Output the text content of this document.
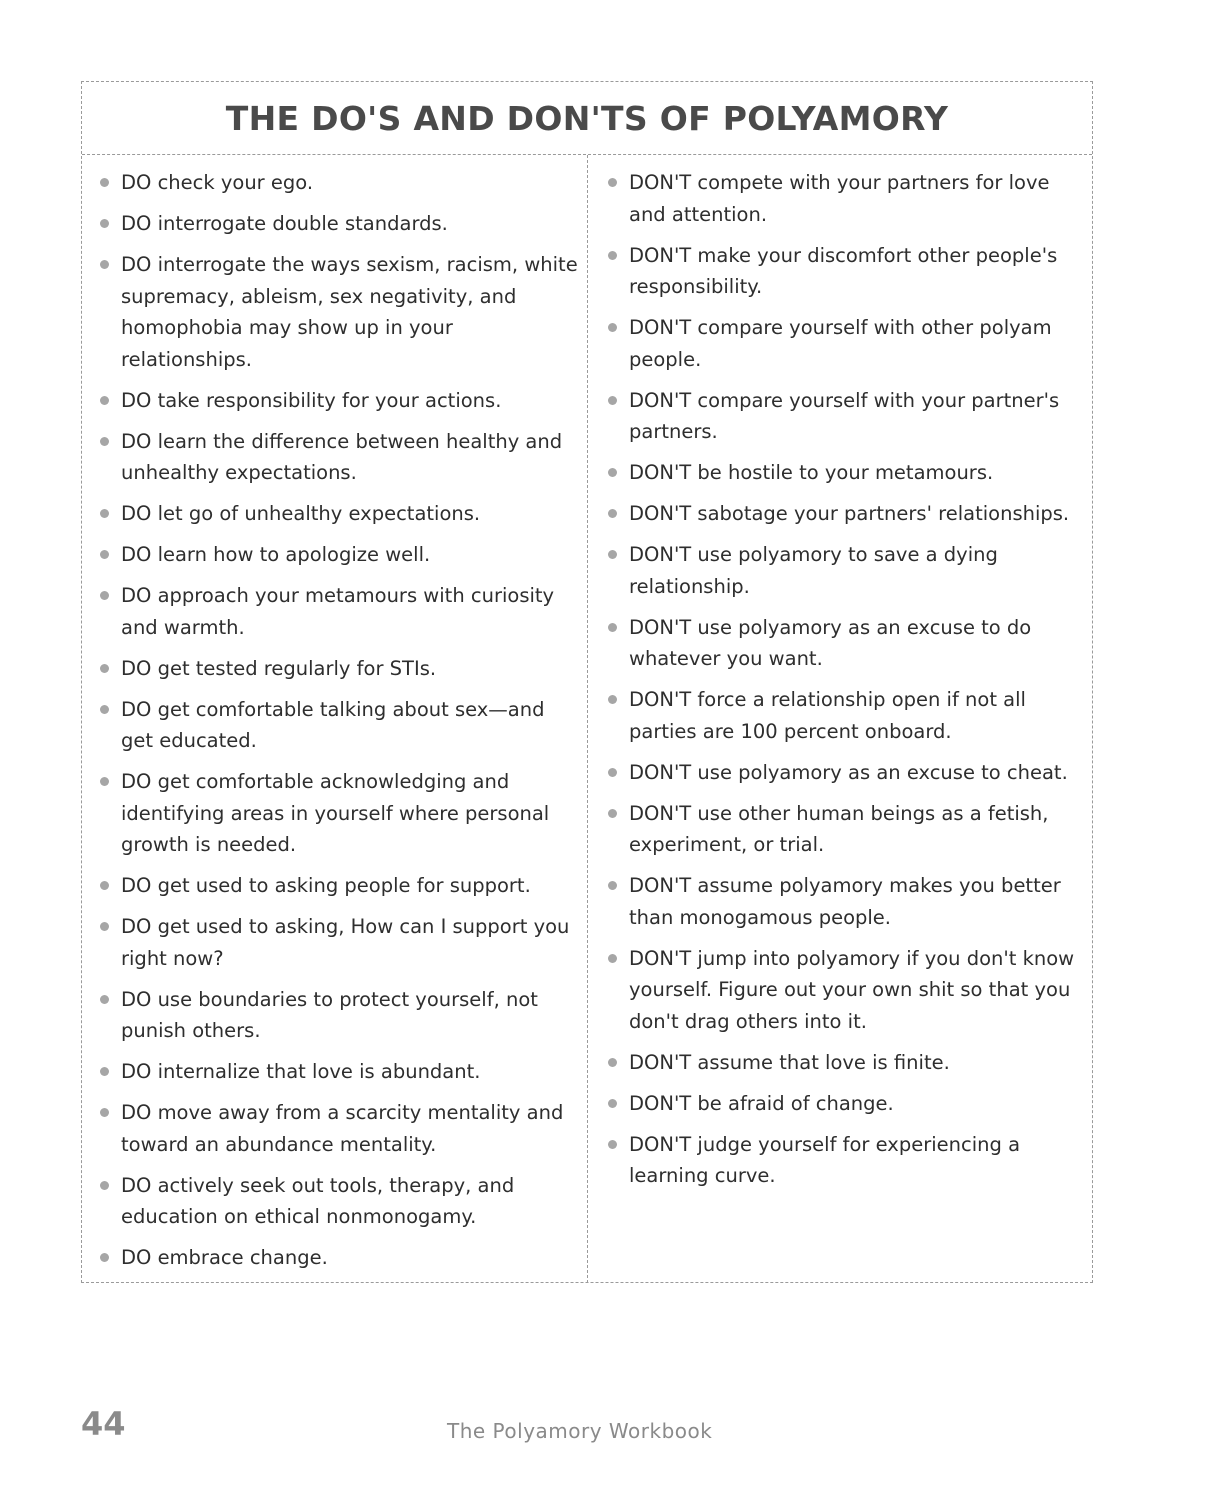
THE DO'S AND DON'TS OF POLYAMORY
DO check your ego.
DO interrogate double standards.
DO interrogate the ways sexism, racism, white supremacy, ableism, sex negativity, and homophobia may show up in your relationships.
DO take responsibility for your actions.
DO learn the difference between healthy and unhealthy expectations.
DO let go of unhealthy expectations.
DO learn how to apologize well.
DO approach your metamours with curiosity and warmth.
DO get tested regularly for STIs.
DO get comfortable talking about sex—and get educated.
DO get comfortable acknowledging and identifying areas in yourself where personal growth is needed.
DO get used to asking people for support.
DO get used to asking, How can I support you right now?
DO use boundaries to protect yourself, not punish others.
DO internalize that love is abundant.
DO move away from a scarcity mentality and toward an abundance mentality.
DO actively seek out tools, therapy, and education on ethical nonmonogamy.
DO embrace change.
DON'T compete with your partners for love and attention.
DON'T make your discomfort other people's responsibility.
DON'T compare yourself with other polyam people.
DON'T compare yourself with your partner's partners.
DON'T be hostile to your metamours.
DON'T sabotage your partners' relationships.
DON'T use polyamory to save a dying relationship.
DON'T use polyamory as an excuse to do whatever you want.
DON'T force a relationship open if not all parties are 100 percent onboard.
DON'T use polyamory as an excuse to cheat.
DON'T use other human beings as a fetish, experiment, or trial.
DON'T assume polyamory makes you better than monogamous people.
DON'T jump into polyamory if you don't know yourself. Figure out your own shit so that you don't drag others into it.
DON'T assume that love is finite.
DON'T be afraid of change.
DON'T judge yourself for experiencing a learning curve.
44	The Polyamory Workbook
